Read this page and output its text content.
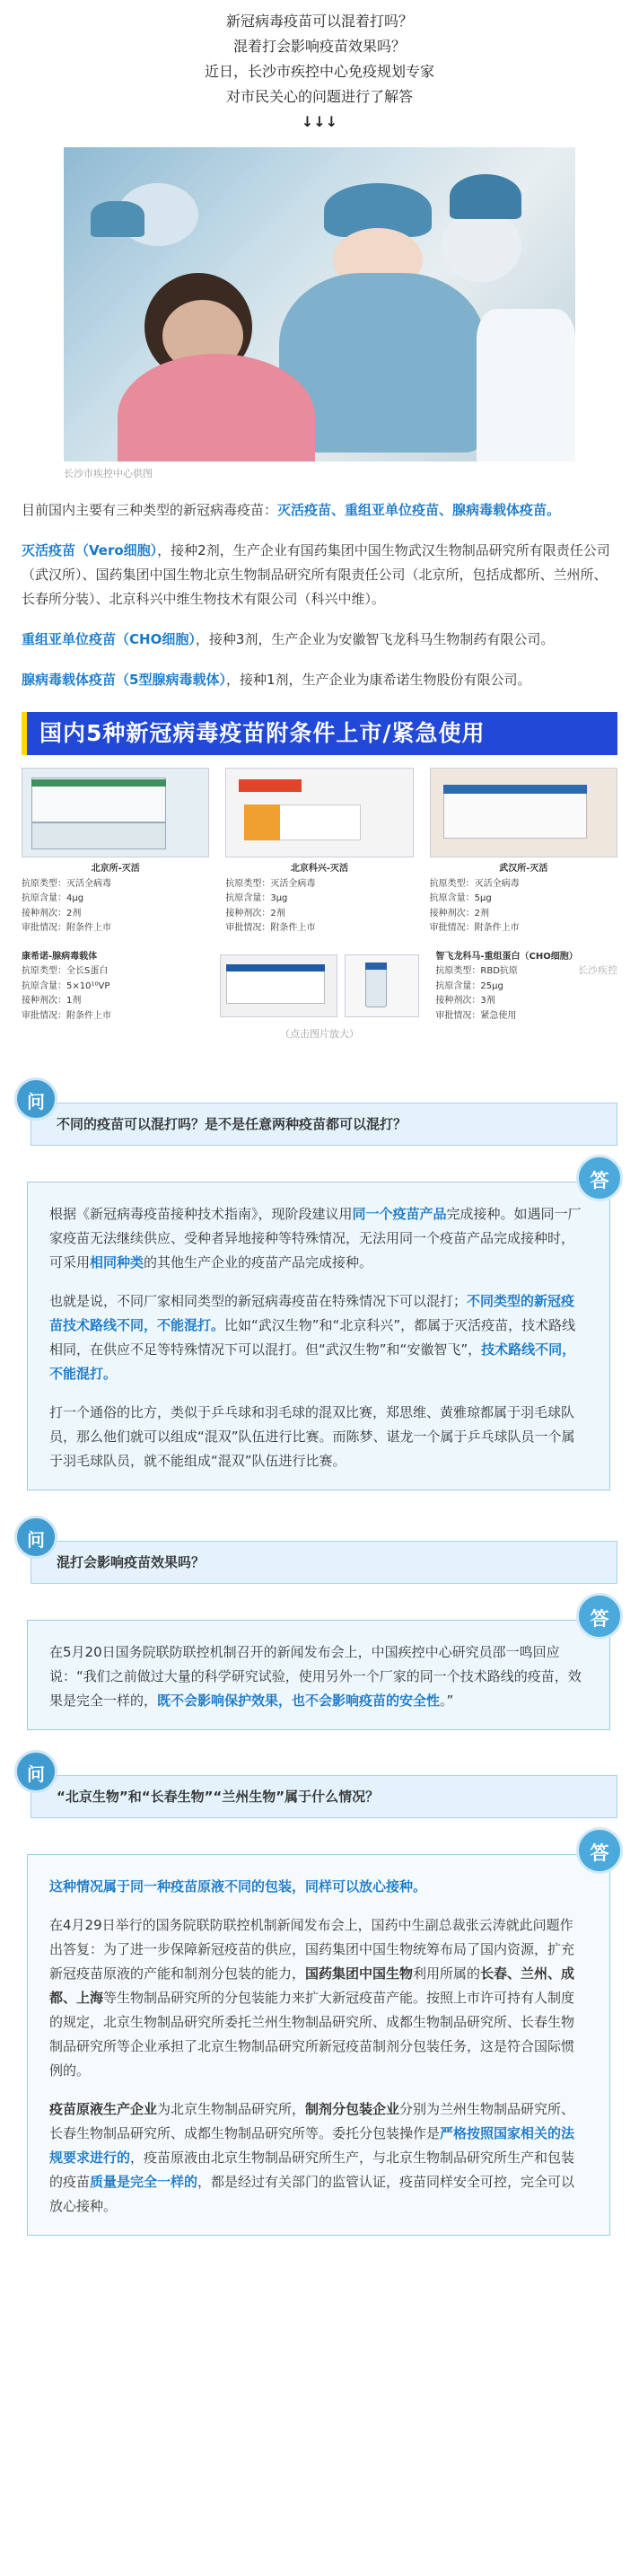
新冠病毒疫苗可以混着打吗？
混着打会影响疫苗效果吗？
近日，长沙市疾控中心免疫规划专家
对市民关心的问题进行了解答
↓↓↓
长沙市疾控中心供图

目前国内主要有三种类型的新冠病毒疫苗：灭活疫苗、重组亚单位疫苗、腺病毒载体疫苗。

灭活疫苗（Vero细胞），接种2剂，生产企业有国药集团中国生物武汉生物制品研究所有限责任公司（武汉所）、国药集团中国生物北京生物制品研究所有限责任公司（北京所，包括成都所、兰州所、长春所分装）、北京科兴中维生物技术有限公司（科兴中维）。

重组亚单位疫苗（CHO细胞），接种3剂，生产企业为安徽智飞龙科马生物制药有限公司。

腺病毒载体疫苗（5型腺病毒载体），接种1剂，生产企业为康希诺生物股份有限公司。

国内5种新冠病毒疫苗附条件上市/紧急使用
北京所-灭活
抗原类型：灭活全病毒
抗原含量：4μg
接种剂次：2剂
审批情况：附条件上市
北京科兴-灭活
抗原类型：灭活全病毒
抗原含量：3μg
接种剂次：2剂
审批情况：附条件上市
武汉所-灭活
抗原类型：灭活全病毒
抗原含量：5μg
接种剂次：2剂
审批情况：附条件上市
康希诺-腺病毒载体
抗原类型：全长S蛋白
抗原含量：5×10¹⁰VP
接种剂次：1剂
审批情况：附条件上市
智飞龙科马-重组蛋白（CHO细胞）
抗原类型：RBD抗原
抗原含量：25μg
接种剂次：3剂
审批情况：紧急使用
长沙疾控
（点击图片放大）
问
不同的疫苗可以混打吗？是不是任意两种疫苗都可以混打？
答

根据《新冠病毒疫苗接种技术指南》，现阶段建议用同一个疫苗产品完成接种。如遇同一厂家疫苗无法继续供应、受种者异地接种等特殊情况，无法用同一个疫苗产品完成接种时，可采用相同种类的其他生产企业的疫苗产品完成接种。

也就是说，不同厂家相同类型的新冠病毒疫苗在特殊情况下可以混打；不同类型的新冠疫苗技术路线不同，不能混打。比如“武汉生物”和“北京科兴”，都属于灭活疫苗，技术路线相同，在供应不足等特殊情况下可以混打。但“武汉生物”和“安徽智飞”，技术路线不同，不能混打。

打一个通俗的比方，类似于乒乓球和羽毛球的混双比赛，郑思维、黄雅琼都属于羽毛球队员，那么他们就可以组成“混双”队伍进行比赛。而陈梦、谌龙一个属于乒乓球队员一个属于羽毛球队员，就不能组成“混双”队伍进行比赛。

问
混打会影响疫苗效果吗？
答

在5月20日国务院联防联控机制召开的新闻发布会上，中国疾控中心研究员邵一鸣回应说：“我们之前做过大量的科学研究试验，使用另外一个厂家的同一个技术路线的疫苗，效果是完全一样的，既不会影响保护效果，也不会影响疫苗的安全性。”

问
“北京生物”和“长春生物”“兰州生物”属于什么情况？
答

这种情况属于同一种疫苗原液不同的包装，同样可以放心接种。

在4月29日举行的国务院联防联控机制新闻发布会上，国药中生副总裁张云涛就此问题作出答复：为了进一步保障新冠疫苗的供应，国药集团中国生物统筹布局了国内资源，扩充新冠疫苗原液的产能和制剂分包装的能力，国药集团中国生物利用所属的长春、兰州、成都、上海等生物制品研究所的分包装能力来扩大新冠疫苗产能。按照上市许可持有人制度的规定，北京生物制品研究所委托兰州生物制品研究所、成都生物制品研究所、长春生物制品研究所等企业承担了北京生物制品研究所新冠疫苗制剂分包装任务，这是符合国际惯例的。

疫苗原液生产企业为北京生物制品研究所，制剂分包装企业分别为兰州生物制品研究所、长春生物制品研究所、成都生物制品研究所等。委托分包装操作是严格按照国家相关的法规要求进行的，疫苗原液由北京生物制品研究所生产，与北京生物制品研究所生产和包装的疫苗质量是完全一样的，都是经过有关部门的监管认证，疫苗同样安全可控，完全可以放心接种。
